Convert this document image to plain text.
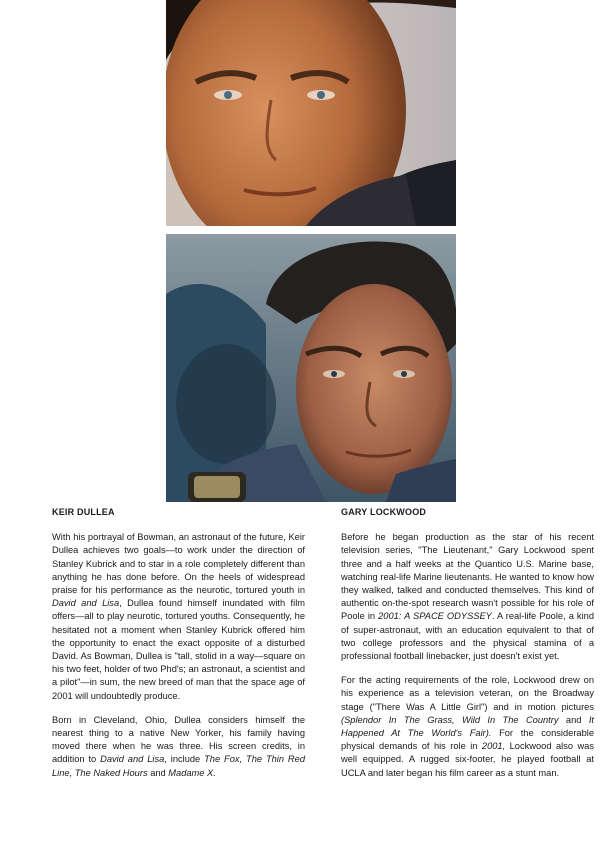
KEIR DULLEA

With his portrayal of Bowman, an astronaut of the future, Keir Dullea achieves two goals—to work under the direction of Stanley Kubrick and to star in a role completely different than anything he has done before. On the heels of widespread praise for his performance as the neurotic, tortured youth in David and Lisa, Dullea found himself inundated with film offers—all to play neurotic, tortured youths. Consequently, he hesitated not a moment when Stanley Kubrick offered him the opportunity to enact the exact opposite of a disturbed David. As Bowman, Dullea is "tall, stolid in a way—square on his two feet, holder of two Phd's; an astronaut, a scientist and a pilot"—in sum, the new breed of man that the space age of 2001 will undoubtedly produce.

Born in Cleveland, Ohio, Dullea considers himself the nearest thing to a native New Yorker, his family having moved there when he was three. His screen credits, in addition to David and Lisa, include The Fox, The Thin Red Line, The Naked Hours and Madame X.

GARY LOCKWOOD

Before he began production as the star of his recent television series, "The Lieutenant," Gary Lockwood spent three and a half weeks at the Quantico U.S. Marine base, watching real-life Marine lieutenants. He wanted to know how they walked, talked and conducted themselves. This kind of authentic on-the-spot research wasn't possible for his role of Poole in 2001: A SPACE ODYSSEY. A real-life Poole, a kind of super-astronaut, with an education equivalent to that of two college professors and the physical stamina of a professional football linebacker, just doesn't exist yet.

For the acting requirements of the role, Lockwood drew on his experience as a television veteran, on the Broadway stage ("There Was A Little Girl") and in motion pictures (Splendor In The Grass, Wild In The Country and It Happened At The World's Fair). For the considerable physical demands of his role in 2001, Lockwood also was well equipped. A rugged six-footer, he played football at UCLA and later began his film career as a stunt man.
